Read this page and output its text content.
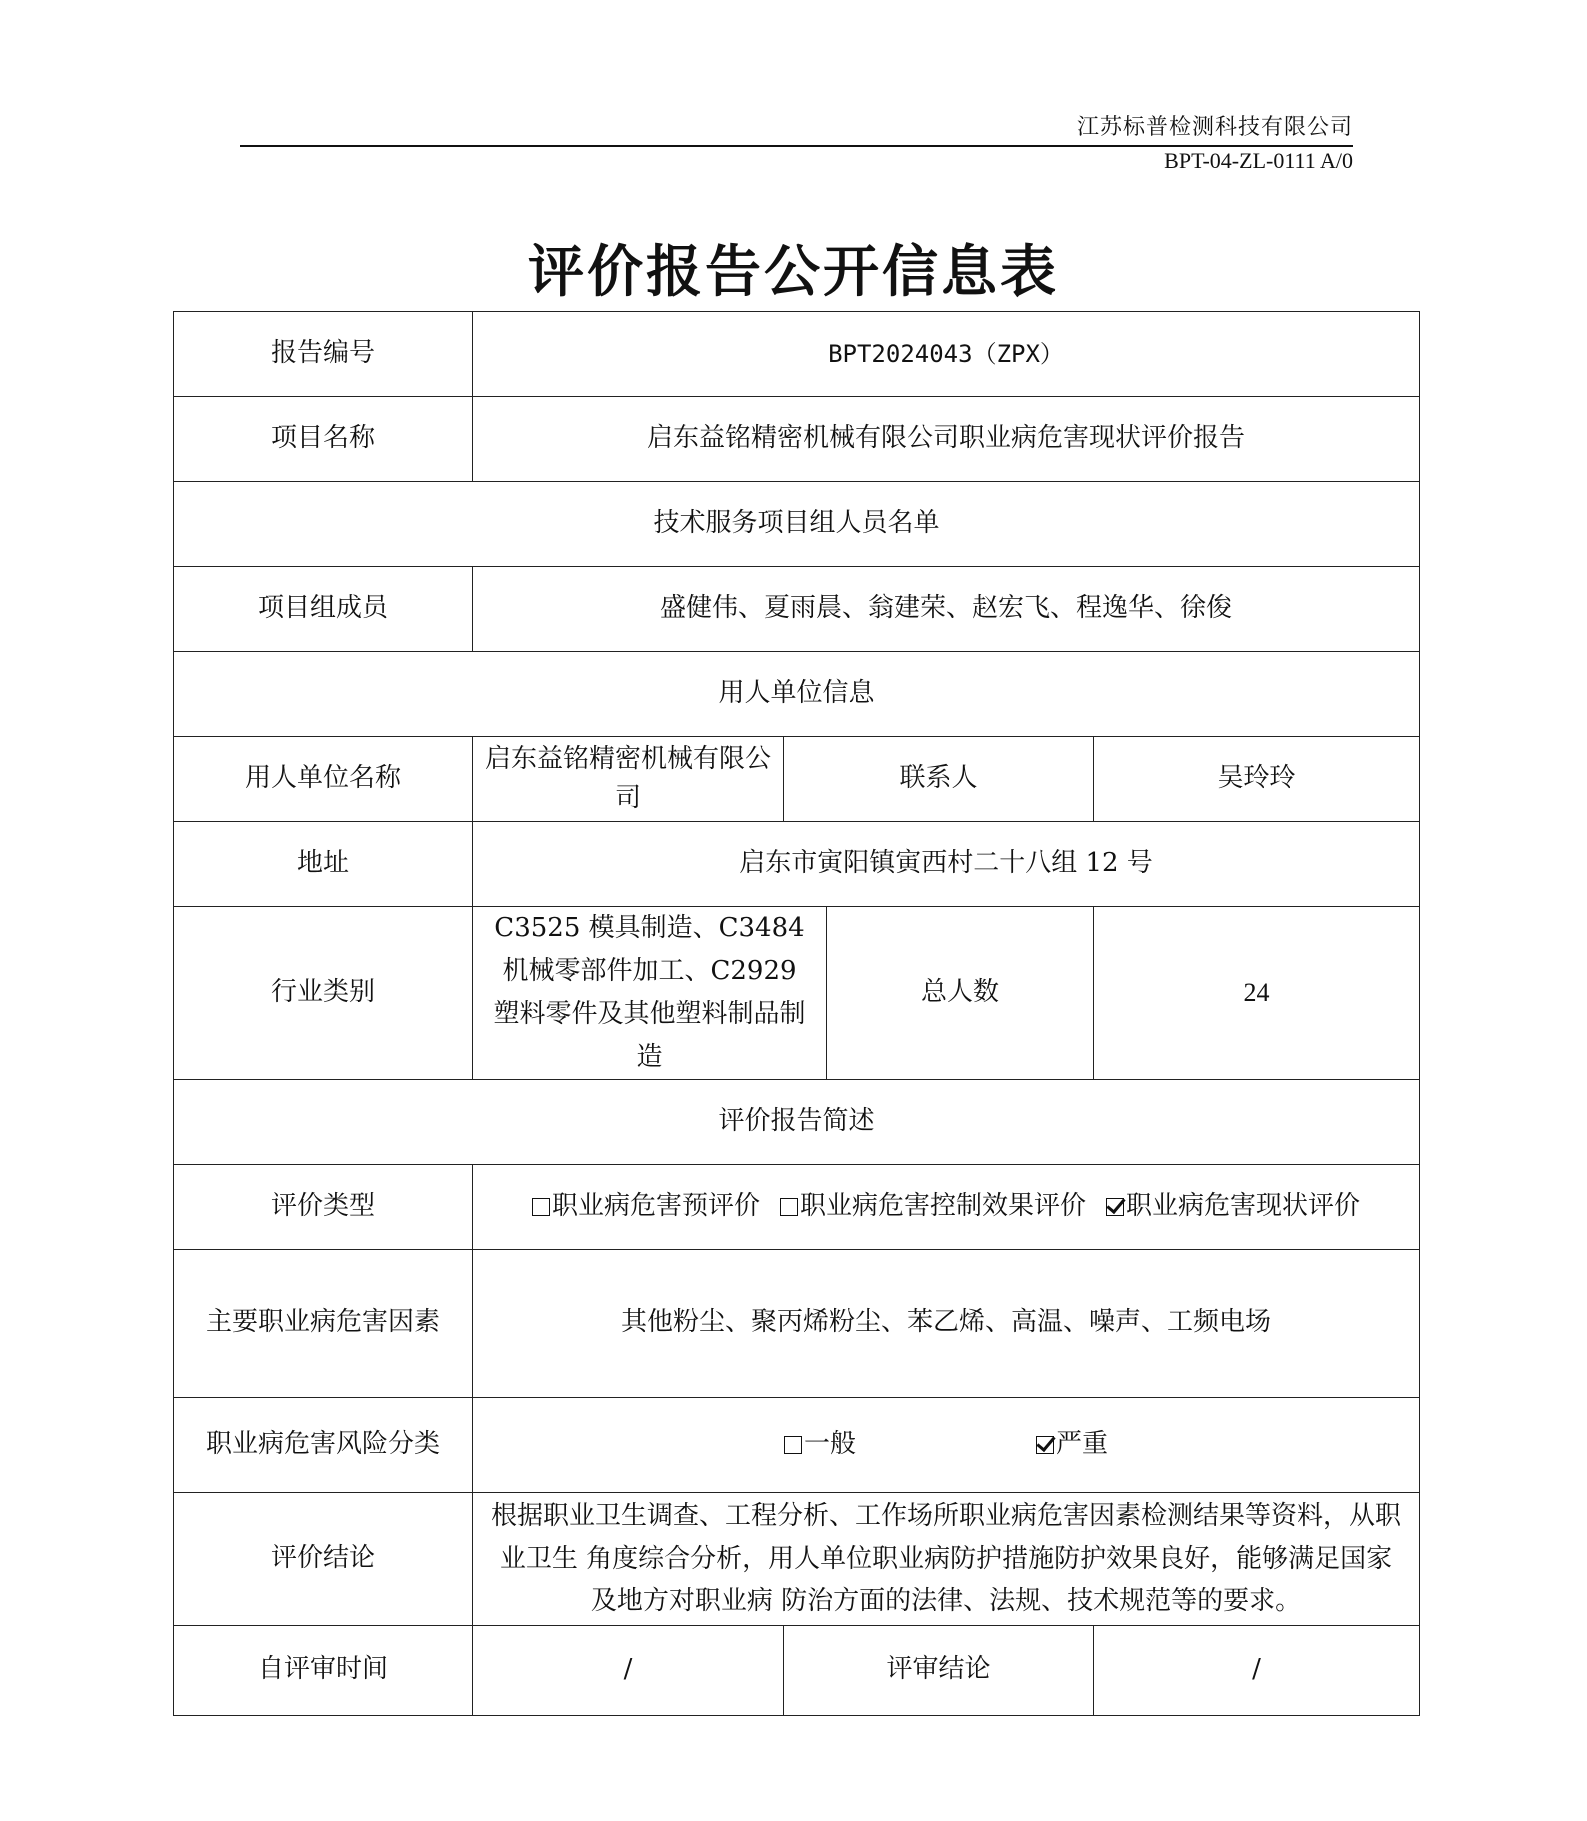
江苏标普检测科技有限公司
BPT-04-ZL-0111 A/0
评价报告公开信息表
报告编号	BPT2024043（ZPX）			
项目名称	启东益铭精密机械有限公司职业病危害现状评价报告			
技术服务项目组人员名单				
项目组成员	盛健伟、夏雨晨、翁建荣、赵宏飞、程逸华、徐俊			
用人单位信息				
用人单位名称	启东益铭精密机械有限公司	联系人		吴玲玲
地址	启东市寅阳镇寅西村二十八组 12 号			
行业类别	C3525 模具制造、C3484 机械零部件加工、C2929 塑料零件及其他塑料制品制造		总人数	24
评价报告简述				
评价类型	职业病危害预评价 职业病危害控制效果评价 职业病危害现状评价			
主要职业病危害因素	其他粉尘、聚丙烯粉尘、苯乙烯、高温、噪声、工频电场			
职业病危害风险分类	一般 严重			
评价结论	根据职业卫生调查、工程分析、工作场所职业病危害因素检测结果等资料，从职业卫生 角度综合分析，用人单位职业病防护措施防护效果良好，能够满足国家及地方对职业病 防治方面的法律、法规、技术规范等的要求。			
自评审时间	/	评审结论		/
